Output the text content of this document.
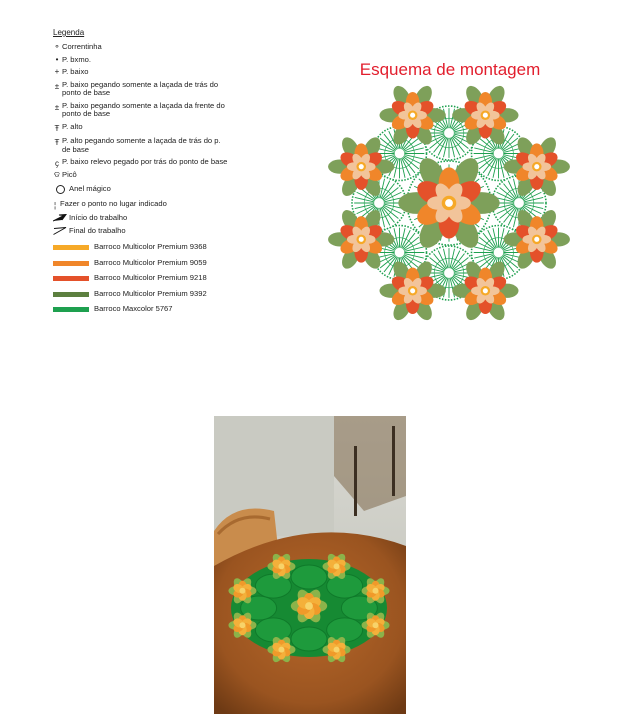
Legenda
⚬ Correntinha
• P. bxmo.
+ P. baixo
± P. baixo pegando somente a laçada de trás do ponto de base
± P. baixo pegando somente a laçada da frente do ponto de base
Ŧ P. alto
Ŧ P. alto pegando somente a laçada de trás do p. de base
ҫ P. baixo relevo pegado por trás do ponto de base
ଡ Picô
Anel mágico
¦ Fazer o ponto no lugar indicado
Início do trabalho
Final do trabalho
Barroco Multicolor Premium 9368
Barroco Multicolor Premium 9059
Barroco Multicolor Premium 9218
Barroco Multicolor Premium 9392
Barroco Maxcolor 5767
Esquema de montagem
